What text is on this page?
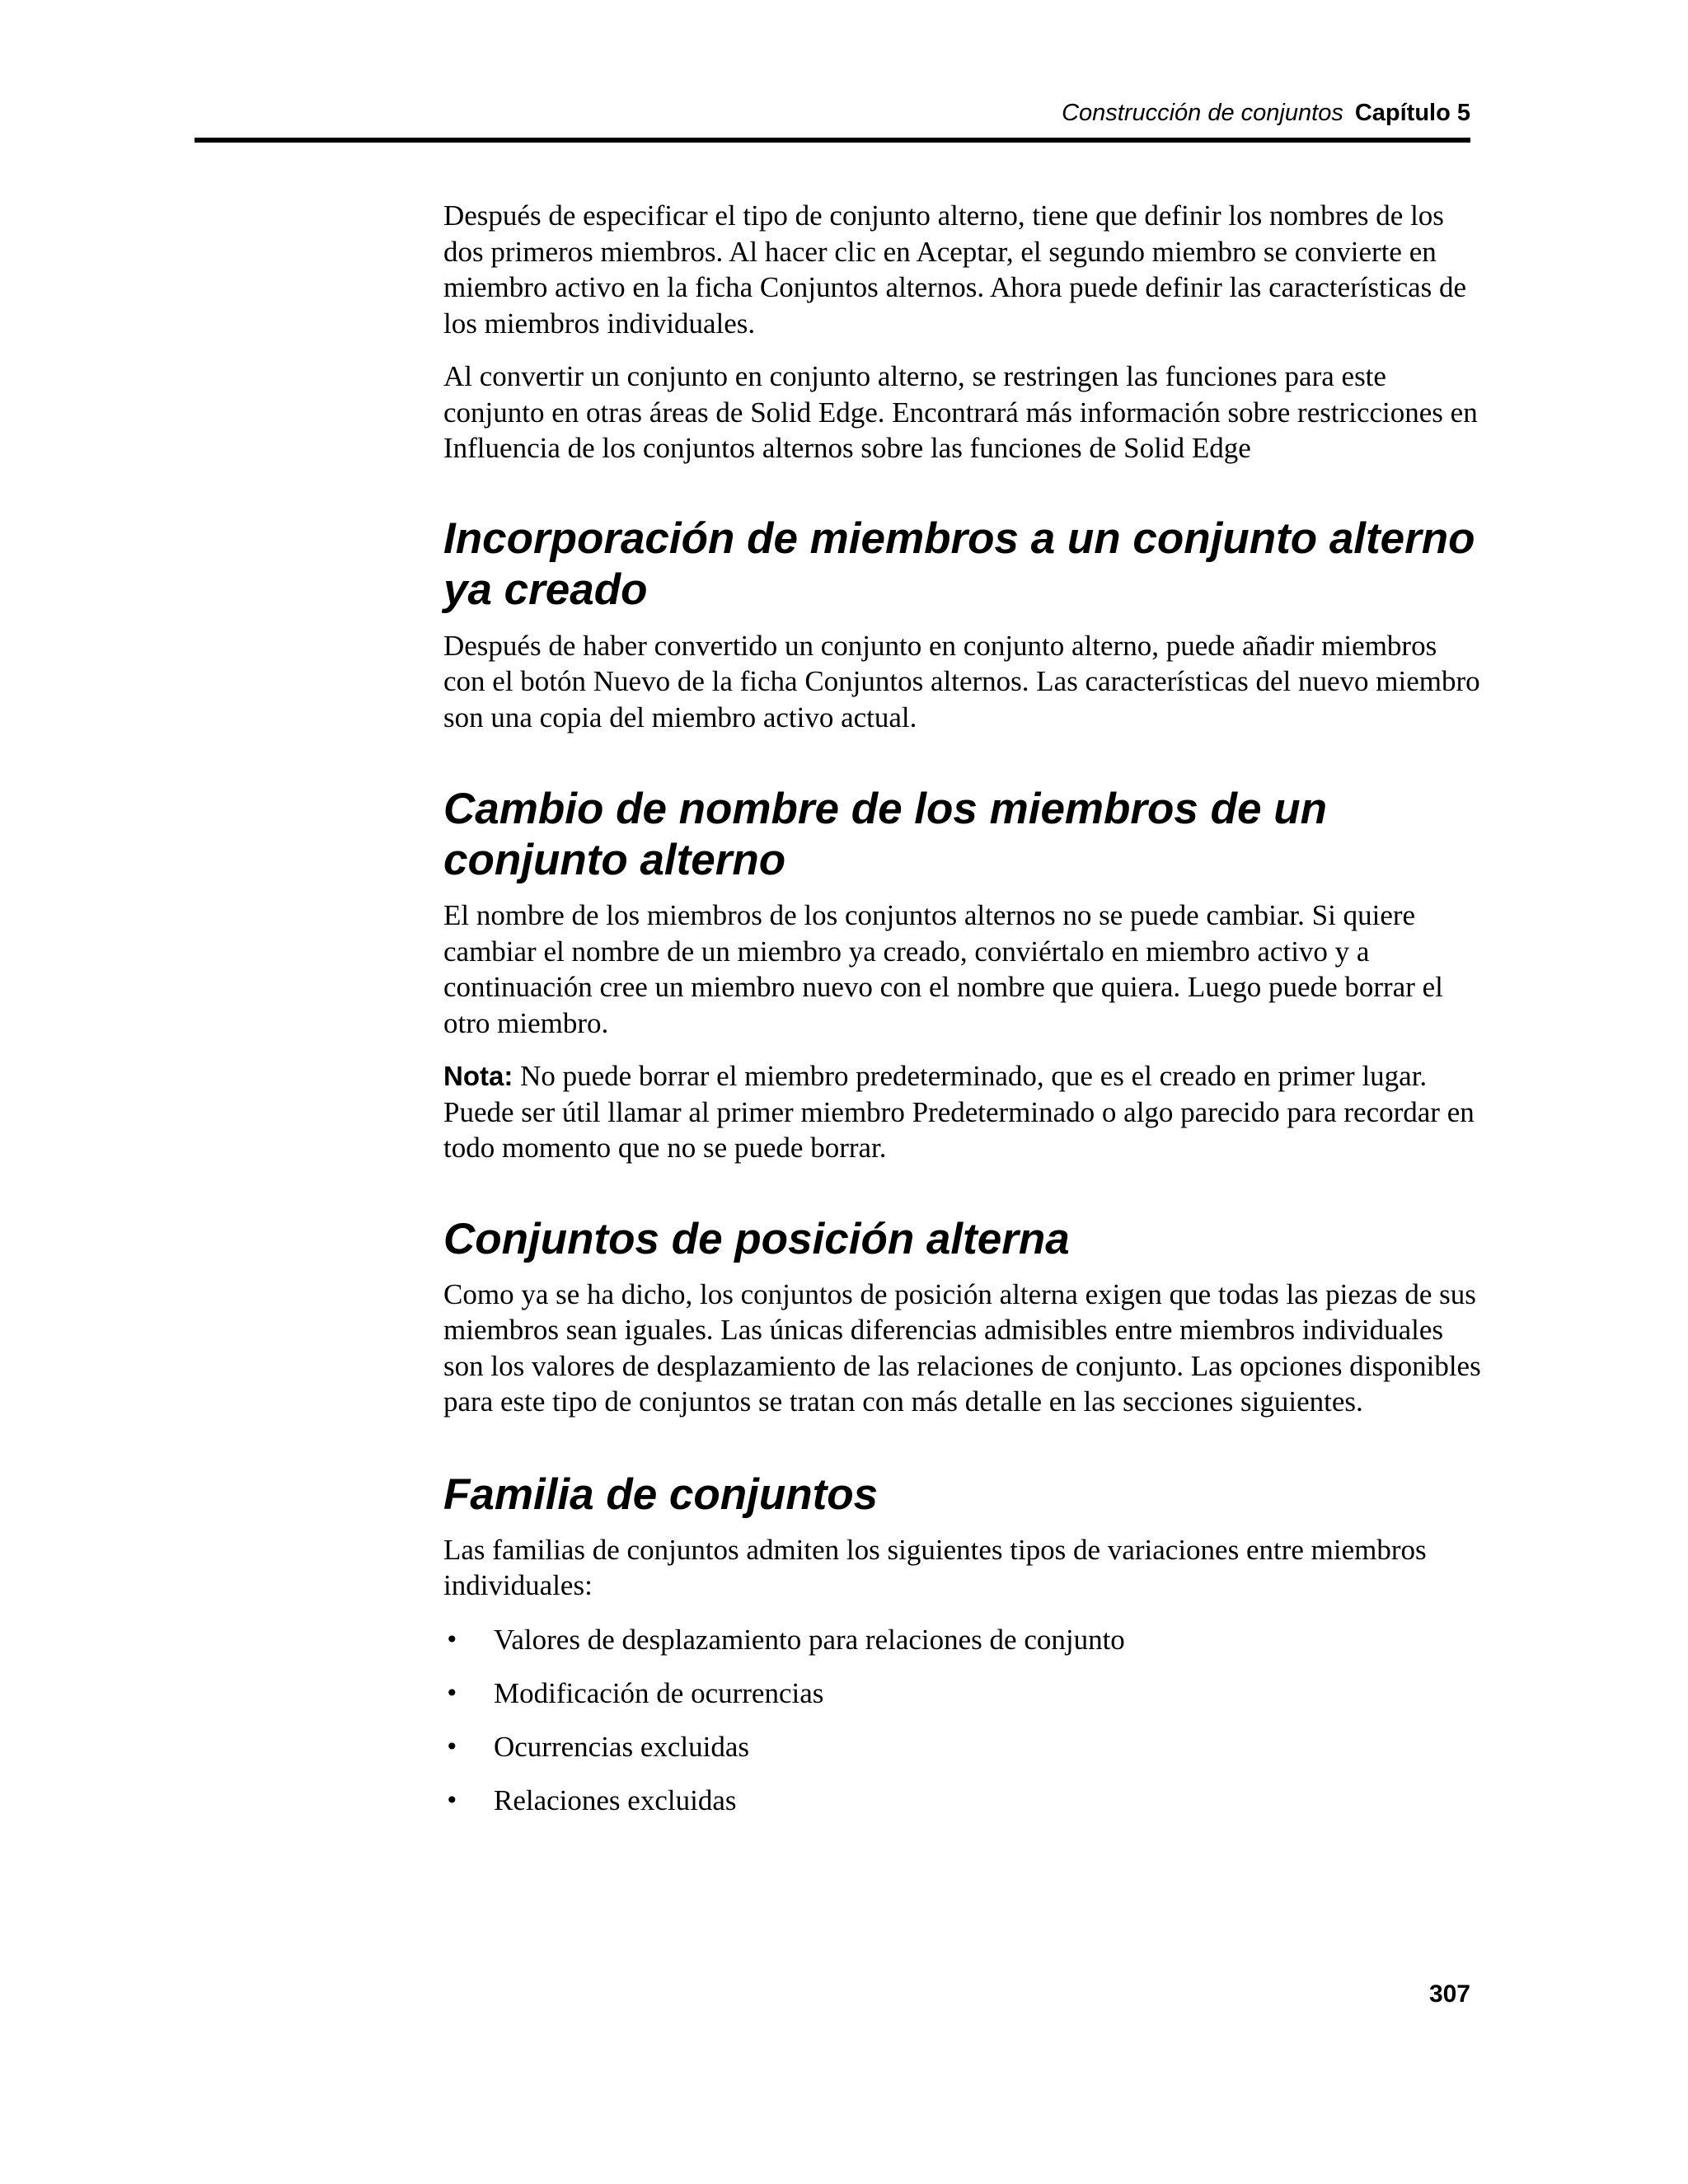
Construcción de conjuntos Capítulo 5

Después de especificar el tipo de conjunto alterno, tiene que definir los nombres de los dos primeros miembros. Al hacer clic en Aceptar, el segundo miembro se convierte en miembro activo en la ficha Conjuntos alternos. Ahora puede definir las características de los miembros individuales.

Al convertir un conjunto en conjunto alterno, se restringen las funciones para este conjunto en otras áreas de Solid Edge. Encontrará más información sobre restricciones en Influencia de los conjuntos alternos sobre las funciones de Solid Edge

Incorporación de miembros a un conjunto alterno ya creado

Después de haber convertido un conjunto en conjunto alterno, puede añadir miembros con el botón Nuevo de la ficha Conjuntos alternos. Las características del nuevo miembro son una copia del miembro activo actual.

Cambio de nombre de los miembros de un conjunto alterno

El nombre de los miembros de los conjuntos alternos no se puede cambiar. Si quiere cambiar el nombre de un miembro ya creado, conviértalo en miembro activo y a continuación cree un miembro nuevo con el nombre que quiera. Luego puede borrar el otro miembro.

Nota: No puede borrar el miembro predeterminado, que es el creado en primer lugar. Puede ser útil llamar al primer miembro Predeterminado o algo parecido para recordar en todo momento que no se puede borrar.

Conjuntos de posición alterna

Como ya se ha dicho, los conjuntos de posición alterna exigen que todas las piezas de sus miembros sean iguales. Las únicas diferencias admisibles entre miembros individuales son los valores de desplazamiento de las relaciones de conjunto. Las opciones disponibles para este tipo de conjuntos se tratan con más detalle en las secciones siguientes.

Familia de conjuntos

Las familias de conjuntos admiten los siguientes tipos de variaciones entre miembros individuales:

• Valores de desplazamiento para relaciones de conjunto
• Modificación de ocurrencias
• Ocurrencias excluidas
• Relaciones excluidas
307
